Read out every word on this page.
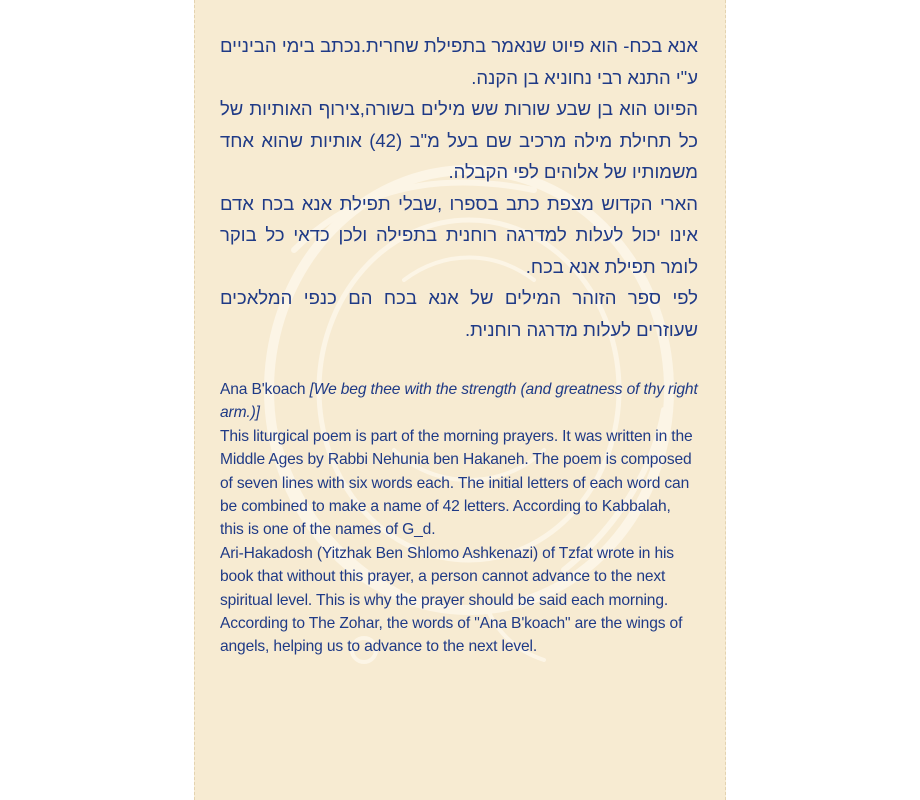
אנא בכח- הוא פיוט שנאמר בתפילת שחרית.נכתב בימי הביניים ע"י התנא רבי נחוניא בן הקנה.

הפיוט הוא בן שבע שורות שש מילים בשורה,צירוף האותיות של כל תחילת מילה מרכיב שם בעל מ"ב (42) אותיות שהוא אחד משמותיו של אלוהים לפי הקבלה.

הארי הקדוש מצפת כתב בספרו ,שבלי תפילת אנא בכח אדם אינו יכול לעלות למדרגה רוחנית בתפילה ולכן כדאי כל בוקר לומר תפילת אנא בכח.

לפי ספר הזוהר המילים של אנא בכח הם כנפי המלאכים שעוזרים לעלות מדרגה רוחנית.

Ana B'koach [We beg thee with the strength (and greatness of thy right arm.)]

This liturgical poem is part of the morning prayers. It was written in the Middle Ages by Rabbi Nehunia ben Hakaneh. The poem is composed of seven lines with six words each. The initial letters of each word can be combined to make a name of 42 letters. According to Kabbalah, this is one of the names of G_d.

Ari-Hakadosh (Yitzhak Ben Shlomo Ashkenazi) of Tzfat wrote in his book that without this prayer, a person cannot advance to the next spiritual level. This is why the prayer should be said each morning. According to The Zohar, the words of "Ana B'koach" are the wings of angels, helping us to advance to the next level.
